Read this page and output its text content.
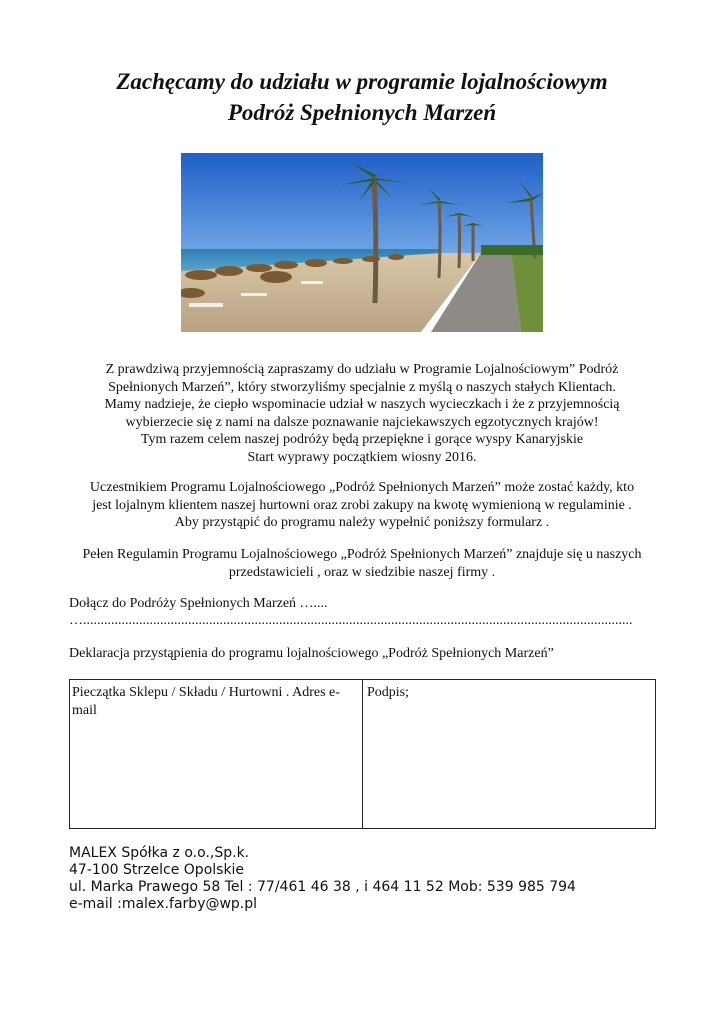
Zachęcamy do udziału w programie lojalnościowym
Podróż Spełnionych Marzeń
Z prawdziwą przyjemnością zapraszamy do udziału w Programie Lojalnościowym” Podróż
Spełnionych Marzeń”, który stworzyliśmy specjalnie z myślą o naszych stałych Klientach.
Mamy nadzieje, że ciepło wspominacie udział w naszych wycieczkach i że z przyjemnością
wybierzecie się z nami na dalsze poznawanie najciekawszych egzotycznych krajów!
Tym razem celem naszej podróży będą przepiękne i gorące wyspy Kanaryjskie
Start wyprawy początkiem wiosny 2016.
Uczestnikiem Programu Lojalnościowego „Podróż Spełnionych Marzeń” może zostać każdy, kto
jest lojalnym klientem naszej hurtowni oraz zrobi zakupy na kwotę wymienioną w regulaminie .
Aby przystąpić do programu należy wypełnić poniższy formularz .
Pełen Regulamin Programu Lojalnościowego „Podróż Spełnionych Marzeń” znajduje się u naszych
przedstawicieli , oraz w siedzibie naszej firmy .
Dołącz do Podróży Spełnionych Marzeń …....
….............................................................................................................................................................
Deklaracja przystąpienia do programu lojalnościowego „Podróż Spełnionych Marzeń”
Pieczątka Sklepu / Składu / Hurtowni . Adres e-mail
Podpis;
MALEX Spółka z o.o.,Sp.k.
47-100 Strzelce Opolskie
ul. Marka Prawego 58 Tel : 77/461 46 38 , i 464 11 52 Mob: 539 985 794
e-mail :malex.farby@wp.pl
